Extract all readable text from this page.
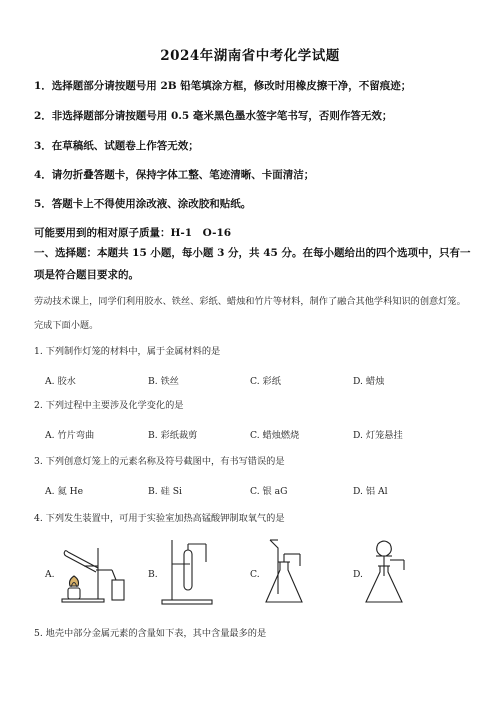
2024年湖南省中考化学试题
1．选择题部分请按题号用 2B 铅笔填涂方框，修改时用橡皮擦干净，不留痕迹；
2．非选择题部分请按题号用 0.5 毫米黑色墨水签字笔书写，否则作答无效；
3．在草稿纸、试题卷上作答无效；
4．请勿折叠答题卡，保持字体工整、笔迹清晰、卡面清洁；
5．答题卡上不得使用涂改液、涂改胶和贴纸。
可能要用到的相对原子质量：H-1　O-16
一、选择题：本题共 15 小题，每小题 3 分，共 45 分。在每小题给出的四个选项中，只有一项是符合题目要求的。
劳动技术课上，同学们利用胶水、铁丝、彩纸、蜡烛和竹片等材料，制作了融合其他学科知识的创意灯笼。完成下面小题。
1. 下列制作灯笼的材料中，属于金属材料的是
A. 胶水	B. 铁丝	C. 彩纸	D. 蜡烛
2. 下列过程中主要涉及化学变化的是
A. 竹片弯曲	B. 彩纸裁剪	C. 蜡烛燃烧	D. 灯笼悬挂
3. 下列创意灯笼上的元素名称及符号截图中，有书写错误的是
A. 氦 He	B. 硅 Si	C. 银 aG	D. 铝 Al
4. 下列发生装置中，可用于实验室加热高锰酸钾制取氧气的是
A.	B.	C.	D.
5. 地壳中部分金属元素的含量如下表，其中含量最多的是
